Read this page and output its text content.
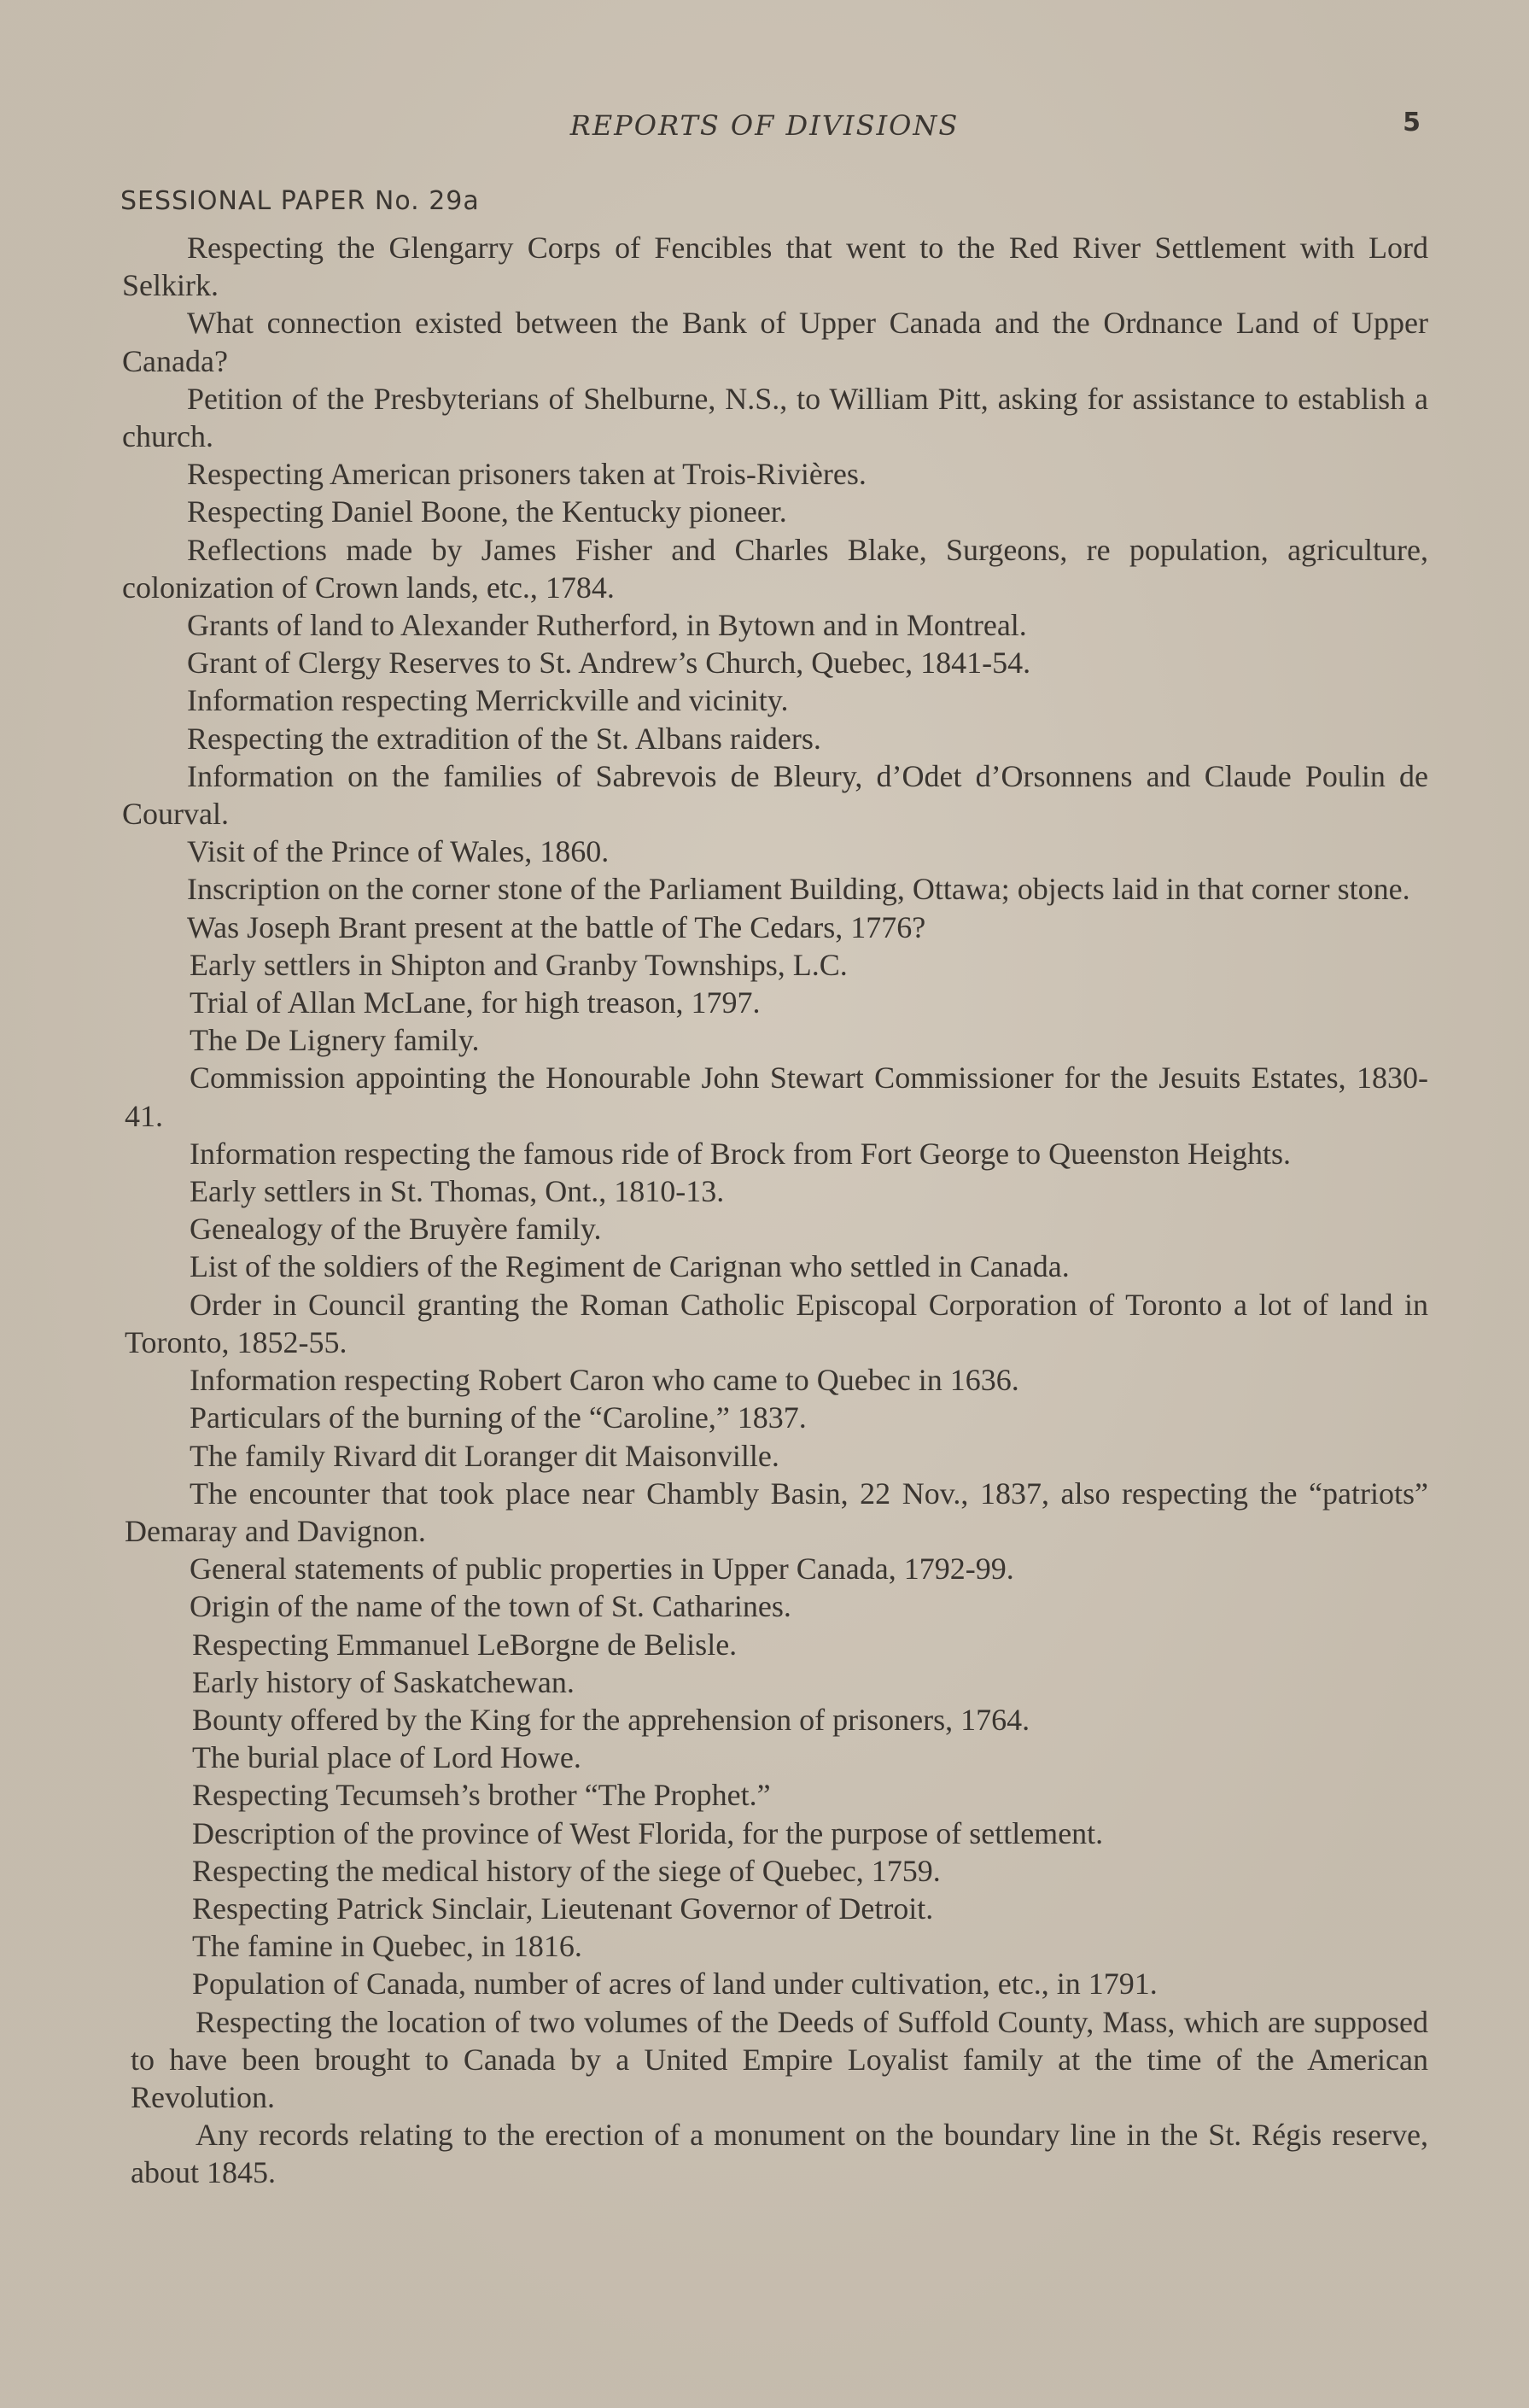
REPORTS OF DIVISIONS	5
SESSIONAL PAPER No. 29a

Respecting the Glengarry Corps of Fencibles that went to the Red River Settlement with Lord Selkirk.

What connection existed between the Bank of Upper Canada and the Ordnance Land of Upper Canada?

Petition of the Presbyterians of Shelburne, N.S., to William Pitt, asking for assistance to establish a church.

Respecting American prisoners taken at Trois-Rivières.

Respecting Daniel Boone, the Kentucky pioneer.

Reflections made by James Fisher and Charles Blake, Surgeons, re population, agriculture, colonization of Crown lands, etc., 1784.

Grants of land to Alexander Rutherford, in Bytown and in Montreal.

Grant of Clergy Reserves to St. Andrew’s Church, Quebec, 1841-54.

Information respecting Merrickville and vicinity.

Respecting the extradition of the St. Albans raiders.

Information on the families of Sabrevois de Bleury, d’Odet d’Orsonnens and Claude Poulin de Courval.

Visit of the Prince of Wales, 1860.

Inscription on the corner stone of the Parliament Building, Ottawa; objects laid in that corner stone.

Was Joseph Brant present at the battle of The Cedars, 1776?

Early settlers in Shipton and Granby Townships, L.C.

Trial of Allan McLane, for high treason, 1797.

The De Lignery family.

Commission appointing the Honourable John Stewart Commissioner for the Jesuits Estates, 1830-41.

Information respecting the famous ride of Brock from Fort George to Queenston Heights.

Early settlers in St. Thomas, Ont., 1810-13.

Genealogy of the Bruyère family.

List of the soldiers of the Regiment de Carignan who settled in Canada.

Order in Council granting the Roman Catholic Episcopal Corporation of Toronto a lot of land in Toronto, 1852-55.

Information respecting Robert Caron who came to Quebec in 1636.

Particulars of the burning of the “Caroline,” 1837.

The family Rivard dit Loranger dit Maisonville.

The encounter that took place near Chambly Basin, 22 Nov., 1837, also respecting the “patriots” Demaray and Davignon.

General statements of public properties in Upper Canada, 1792-99.

Origin of the name of the town of St. Catharines.

Respecting Emmanuel LeBorgne de Belisle.

Early history of Saskatchewan.

Bounty offered by the King for the apprehension of prisoners, 1764.

The burial place of Lord Howe.

Respecting Tecumseh’s brother “The Prophet.”

Description of the province of West Florida, for the purpose of settlement.

Respecting the medical history of the siege of Quebec, 1759.

Respecting Patrick Sinclair, Lieutenant Governor of Detroit.

The famine in Quebec, in 1816.

Population of Canada, number of acres of land under cultivation, etc., in 1791.

Respecting the location of two volumes of the Deeds of Suffold County, Mass, which are supposed to have been brought to Canada by a United Empire Loyalist family at the time of the American Revolution.

Any records relating to the erection of a monument on the boundary line in the St. Régis reserve, about 1845.
